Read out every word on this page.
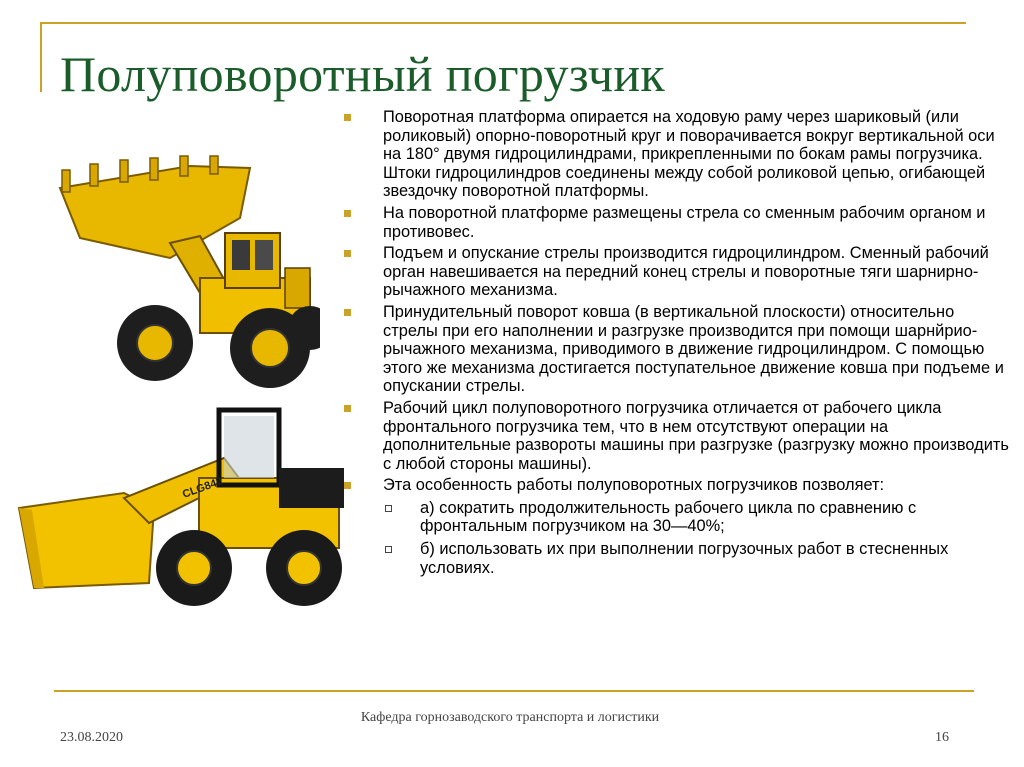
Полуповоротный погрузчик
CLG842
Поворотная платформа опирается на ходовую раму через шариковый (или роликовый) опорно-поворотный круг и поворачивается вокруг вертикальной оси на 180° двумя гидроцилиндрами, прикрепленными по бокам рамы погрузчика. Штоки гидроцилиндров соединены между собой роликовой цепью, огибающей звездочку поворотной платформы.
На поворотной платформе размещены стрела со сменным рабочим органом и противовес.
Подъем и опускание стрелы производится гидроцилиндром. Сменный рабочий орган навешивается на передний конец стрелы и поворотные тяги шарнирно-рычажного механизма.
Принудительный поворот ковша (в вертикальной плоскости) относительно стрелы при его наполнении и разгрузке производится при помощи шарнйрио-рычажного механизма, приводимого в движение гидроцилиндром. С помощью этого же механизма достигается поступательное движение ковша при подъеме и опускании стрелы.
Рабочий цикл полуповоротного погрузчика отличается от рабочего цикла фронтального погрузчика тем, что в нем отсутствуют операции на дополнительные развороты машины при разгрузке (разгрузку можно производить с любой стороны машины).
Эта особенность работы полуповоротных погрузчиков позволяет:
а) сократить продолжительность рабочего цикла по сравнению с фронтальным погрузчиком на 30—40%;
б) использовать их при выполнении погрузочных работ в стесненных условиях.
23.08.2020
Кафедра горнозаводского транспорта и логистики
16
